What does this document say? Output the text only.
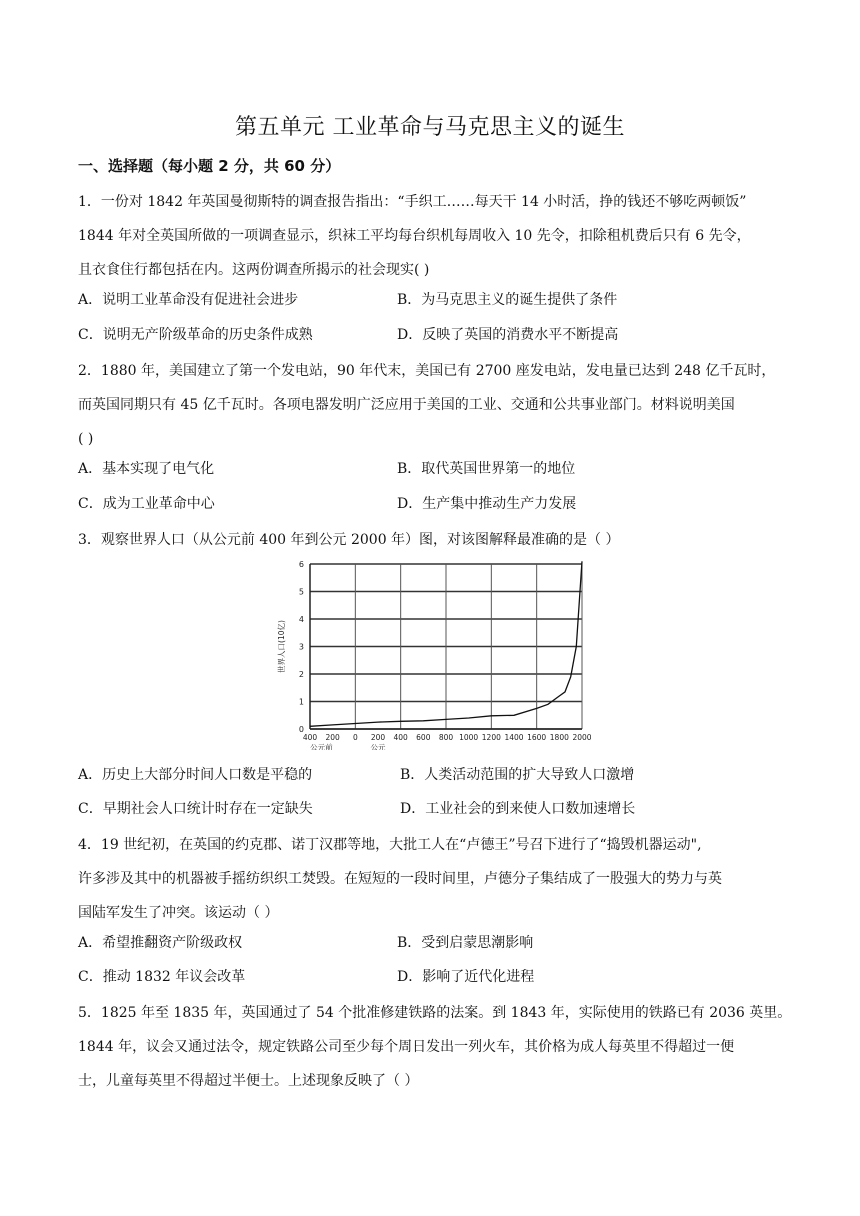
第五单元 工业革命与马克思主义的诞生
一、选择题（每小题 2 分，共 60 分）
1．一份对 1842 年英国曼彻斯特的调查报告指出：“手织工……每天干 14 小时活，挣的钱还不够吃两顿饭”
1844 年对全英国所做的一项调查显示，织袜工平均每台织机每周收入 10 先令，扣除租机费后只有 6 先令，
且衣食住行都包括在内。这两份调查所揭示的社会现实( )
A．说明工业革命没有促进社会进步	B．为马克思主义的诞生提供了条件
C．说明无产阶级革命的历史条件成熟	D．反映了英国的消费水平不断提高
2．1880 年，美国建立了第一个发电站，90 年代末，美国已有 2700 座发电站，发电量已达到 248 亿千瓦时，
而英国同期只有 45 亿千瓦时。各项电器发明广泛应用于美国的工业、交通和公共事业部门。材料说明美国
( )
A．基本实现了电气化	B．取代英国世界第一的地位
C．成为工业革命中心	D．生产集中推动生产力发展
3．观察世界人口（从公元前 400 年到公元 2000 年）图，对该图解释最准确的是（ ）
0
1
2
3
4
5
6
400 200 0 200 400 600 800 1000 1200 1400 1600 1800 2000
公元前	公元
世界人口(10亿)
A．历史上大部分时间人口数是平稳的	B．人类活动范围的扩大导致人口激增
C．早期社会人口统计时存在一定缺失	D．工业社会的到来使人口数加速增长
4．19 世纪初，在英国的约克郡、诺丁汉郡等地，大批工人在“卢德王”号召下进行了“捣毁机器运动",
许多涉及其中的机器被手摇纺织织工焚毁。在短短的一段时间里，卢德分子集结成了一股强大的势力与英
国陆军发生了冲突。该运动（ ）
A．希望推翻资产阶级政权	B．受到启蒙思潮影响
C．推动 1832 年议会改革	D．影响了近代化进程
5．1825 年至 1835 年，英国通过了 54 个批准修建铁路的法案。到 1843 年，实际使用的铁路已有 2036 英里。
1844 年，议会又通过法令，规定铁路公司至少每个周日发出一列火车，其价格为成人每英里不得超过一便
士，儿童每英里不得超过半便士。上述现象反映了（ ）
